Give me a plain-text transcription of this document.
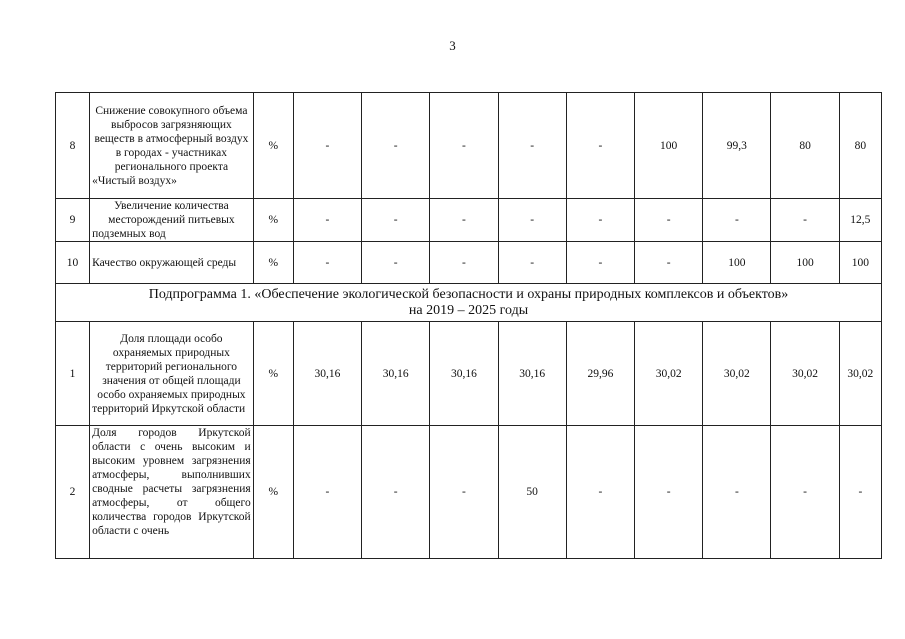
3
8	Снижение совокупного объема выбросов загрязняющих веществ в атмосферный воздух в городах - участниках регионального проекта «Чистый воздух»	%	-	-	-	-	-	100	99,3	80	80
9	Увеличение количества месторождений питьевых подземных вод	%	-	-	-	-	-	-	-	-	12,5
10	Качество окружающей среды	%	-	-	-	-	-	-	100	100	100

Подпрограмма 1. «Обеспечение экологической безопасности и охраны природных комплексов и объектов»
на 2019 – 2025 годы											

1	Доля площади особо охраняемых природных территорий регионального значения от общей площади особо охраняемых природных территорий Иркутской области	%	30,16	30,16	30,16	30,16	29,96	30,02	30,02	30,02	30,02
2	Доля городов Иркутской области с очень высоким и высоким уровнем загрязнения атмосферы, выполнивших сводные расчеты загрязнения атмосферы, от общего количества городов Иркутской области с очень	%	-	-	-	50	-	-	-	-	-
